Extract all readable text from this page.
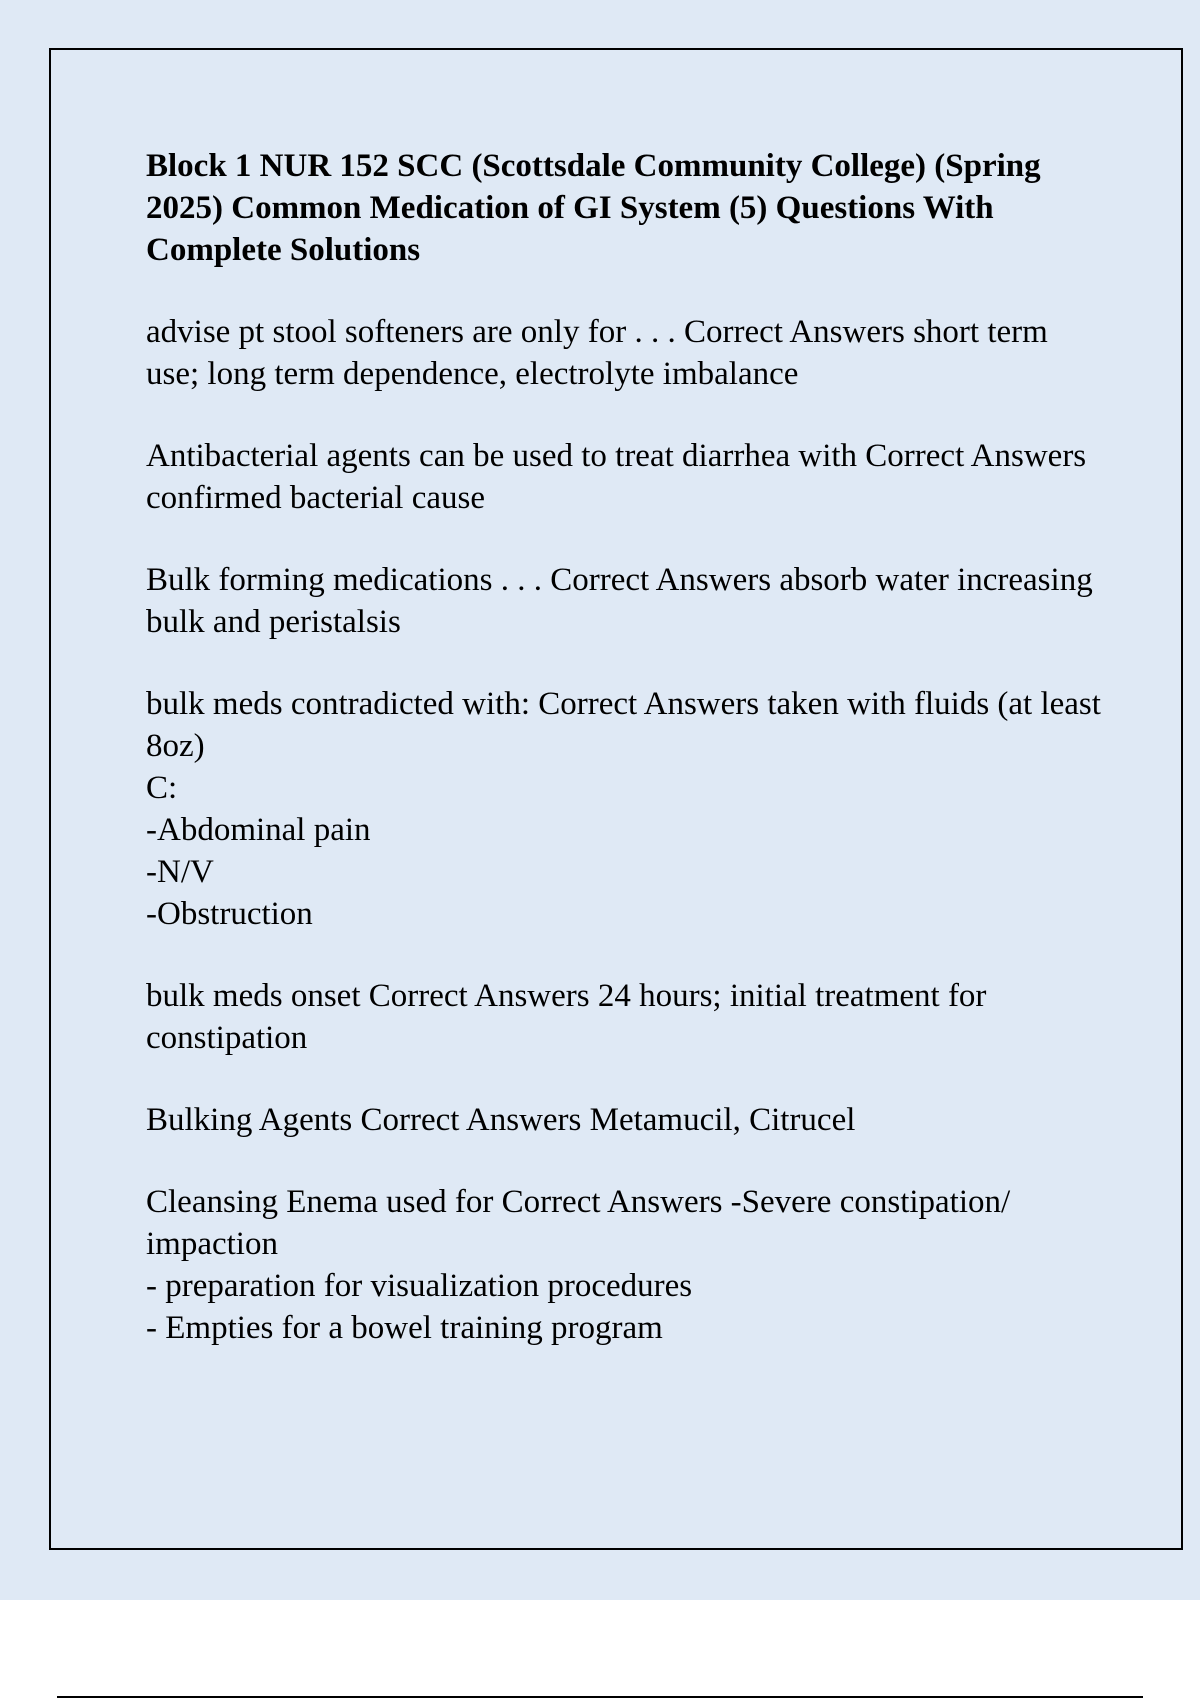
Block 1 NUR 152 SCC (Scottsdale Community College) (Spring 2025) Common Medication of GI System (5) Questions With Complete Solutions
advise pt stool softeners are only for . . . Correct Answers short term use; long term dependence, electrolyte imbalance
Antibacterial agents can be used to treat diarrhea with Correct Answers confirmed bacterial cause
Bulk forming medications . . . Correct Answers absorb water increasing bulk and peristalsis
bulk meds contradicted with: Correct Answers taken with fluids (at least 8oz)
C:
-Abdominal pain
-N/V
-Obstruction
bulk meds onset Correct Answers 24 hours; initial treatment for constipation
Bulking Agents Correct Answers Metamucil, Citrucel
Cleansing Enema used for Correct Answers -Severe constipation/ impaction
- preparation for visualization procedures
- Empties for a bowel training program
